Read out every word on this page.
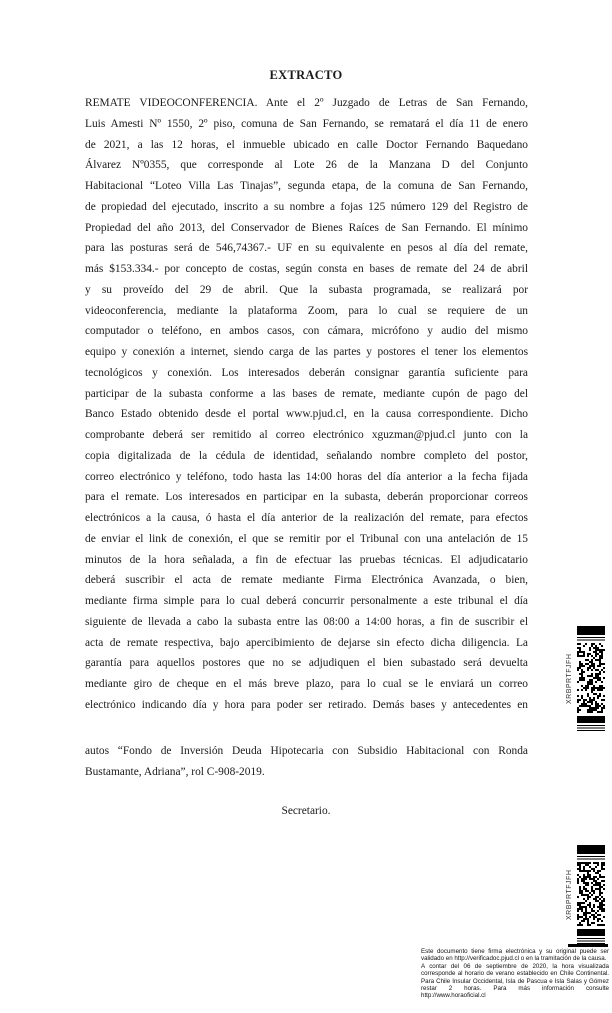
EXTRACTO
REMATE VIDEOCONFERENCIA. Ante el 2º Juzgado de Letras de San Fernando,
Luis Amesti Nº 1550, 2º piso, comuna de San Fernando, se rematará el día 11 de enero
de 2021, a las 12 horas, el inmueble ubicado en calle Doctor Fernando Baquedano
Álvarez Nº0355, que corresponde al Lote 26 de la Manzana D del Conjunto
Habitacional “Loteo Villa Las Tinajas”, segunda etapa, de la comuna de San Fernando,
de propiedad del ejecutado, inscrito a su nombre a fojas 125 número 129 del Registro de
Propiedad del año 2013, del Conservador de Bienes Raíces de San Fernando. El mínimo
para las posturas será de 546,74367.- UF en su equivalente en pesos al día del remate,
más $153.334.- por concepto de costas, según consta en bases de remate del 24 de abril
y su proveído del 29 de abril. Que la subasta programada, se realizará por
videoconferencia, mediante la plataforma Zoom, para lo cual se requiere de un
computador o teléfono, en ambos casos, con cámara, micrófono y audio del mismo
equipo y conexión a internet, siendo carga de las partes y postores el tener los elementos
tecnológicos y conexión. Los interesados deberán consignar garantía suficiente para
participar de la subasta conforme a las bases de remate, mediante cupón de pago del
Banco Estado obtenido desde el portal www.pjud.cl, en la causa correspondiente. Dicho
comprobante deberá ser remitido al correo electrónico xguzman@pjud.cl junto con la
copia digitalizada de la cédula de identidad, señalando nombre completo del postor,
correo electrónico y teléfono, todo hasta las 14:00 horas del día anterior a la fecha fijada
para el remate. Los interesados en participar en la subasta, deberán proporcionar correos
electrónicos a la causa, ó hasta el día anterior de la realización del remate, para efectos
de enviar el link de conexión, el que se remitir por el Tribunal con una antelación de 15
minutos de la hora señalada, a fin de efectuar las pruebas técnicas. El adjudicatario
deberá suscribir el acta de remate mediante Firma Electrónica Avanzada, o bien,
mediante firma simple para lo cual deberá concurrir personalmente a este tribunal el día
siguiente de llevada a cabo la subasta entre las 08:00 a 14:00 horas, a fin de suscribir el
acta de remate respectiva, bajo apercibimiento de dejarse sin efecto dicha diligencia. La
garantía para aquellos postores que no se adjudiquen el bien subastado será devuelta
mediante giro de cheque en el más breve plazo, para lo cual se le enviará un correo
electrónico indicando día y hora para poder ser retirado. Demás bases y antecedentes en
autos “Fondo de Inversión Deuda Hipotecaria con Subsidio Habitacional con Ronda
Bustamante, Adriana”, rol C-908-2019.
Secretario.
XRBPRTFJFH
XRBPRTFJFH
Este documento tiene firma electrónica y su original puede ser validado en http://verificadoc.pjud.cl o en la tramitación de la causa.
A contar del 06 de septiembre de 2020, la hora visualizada corresponde al horario de verano establecido en Chile Continental. Para Chile Insular Occidental, Isla de Pascua e Isla Salas y Gómez restar 2 horas. Para más información consulte http://www.horaoficial.cl
